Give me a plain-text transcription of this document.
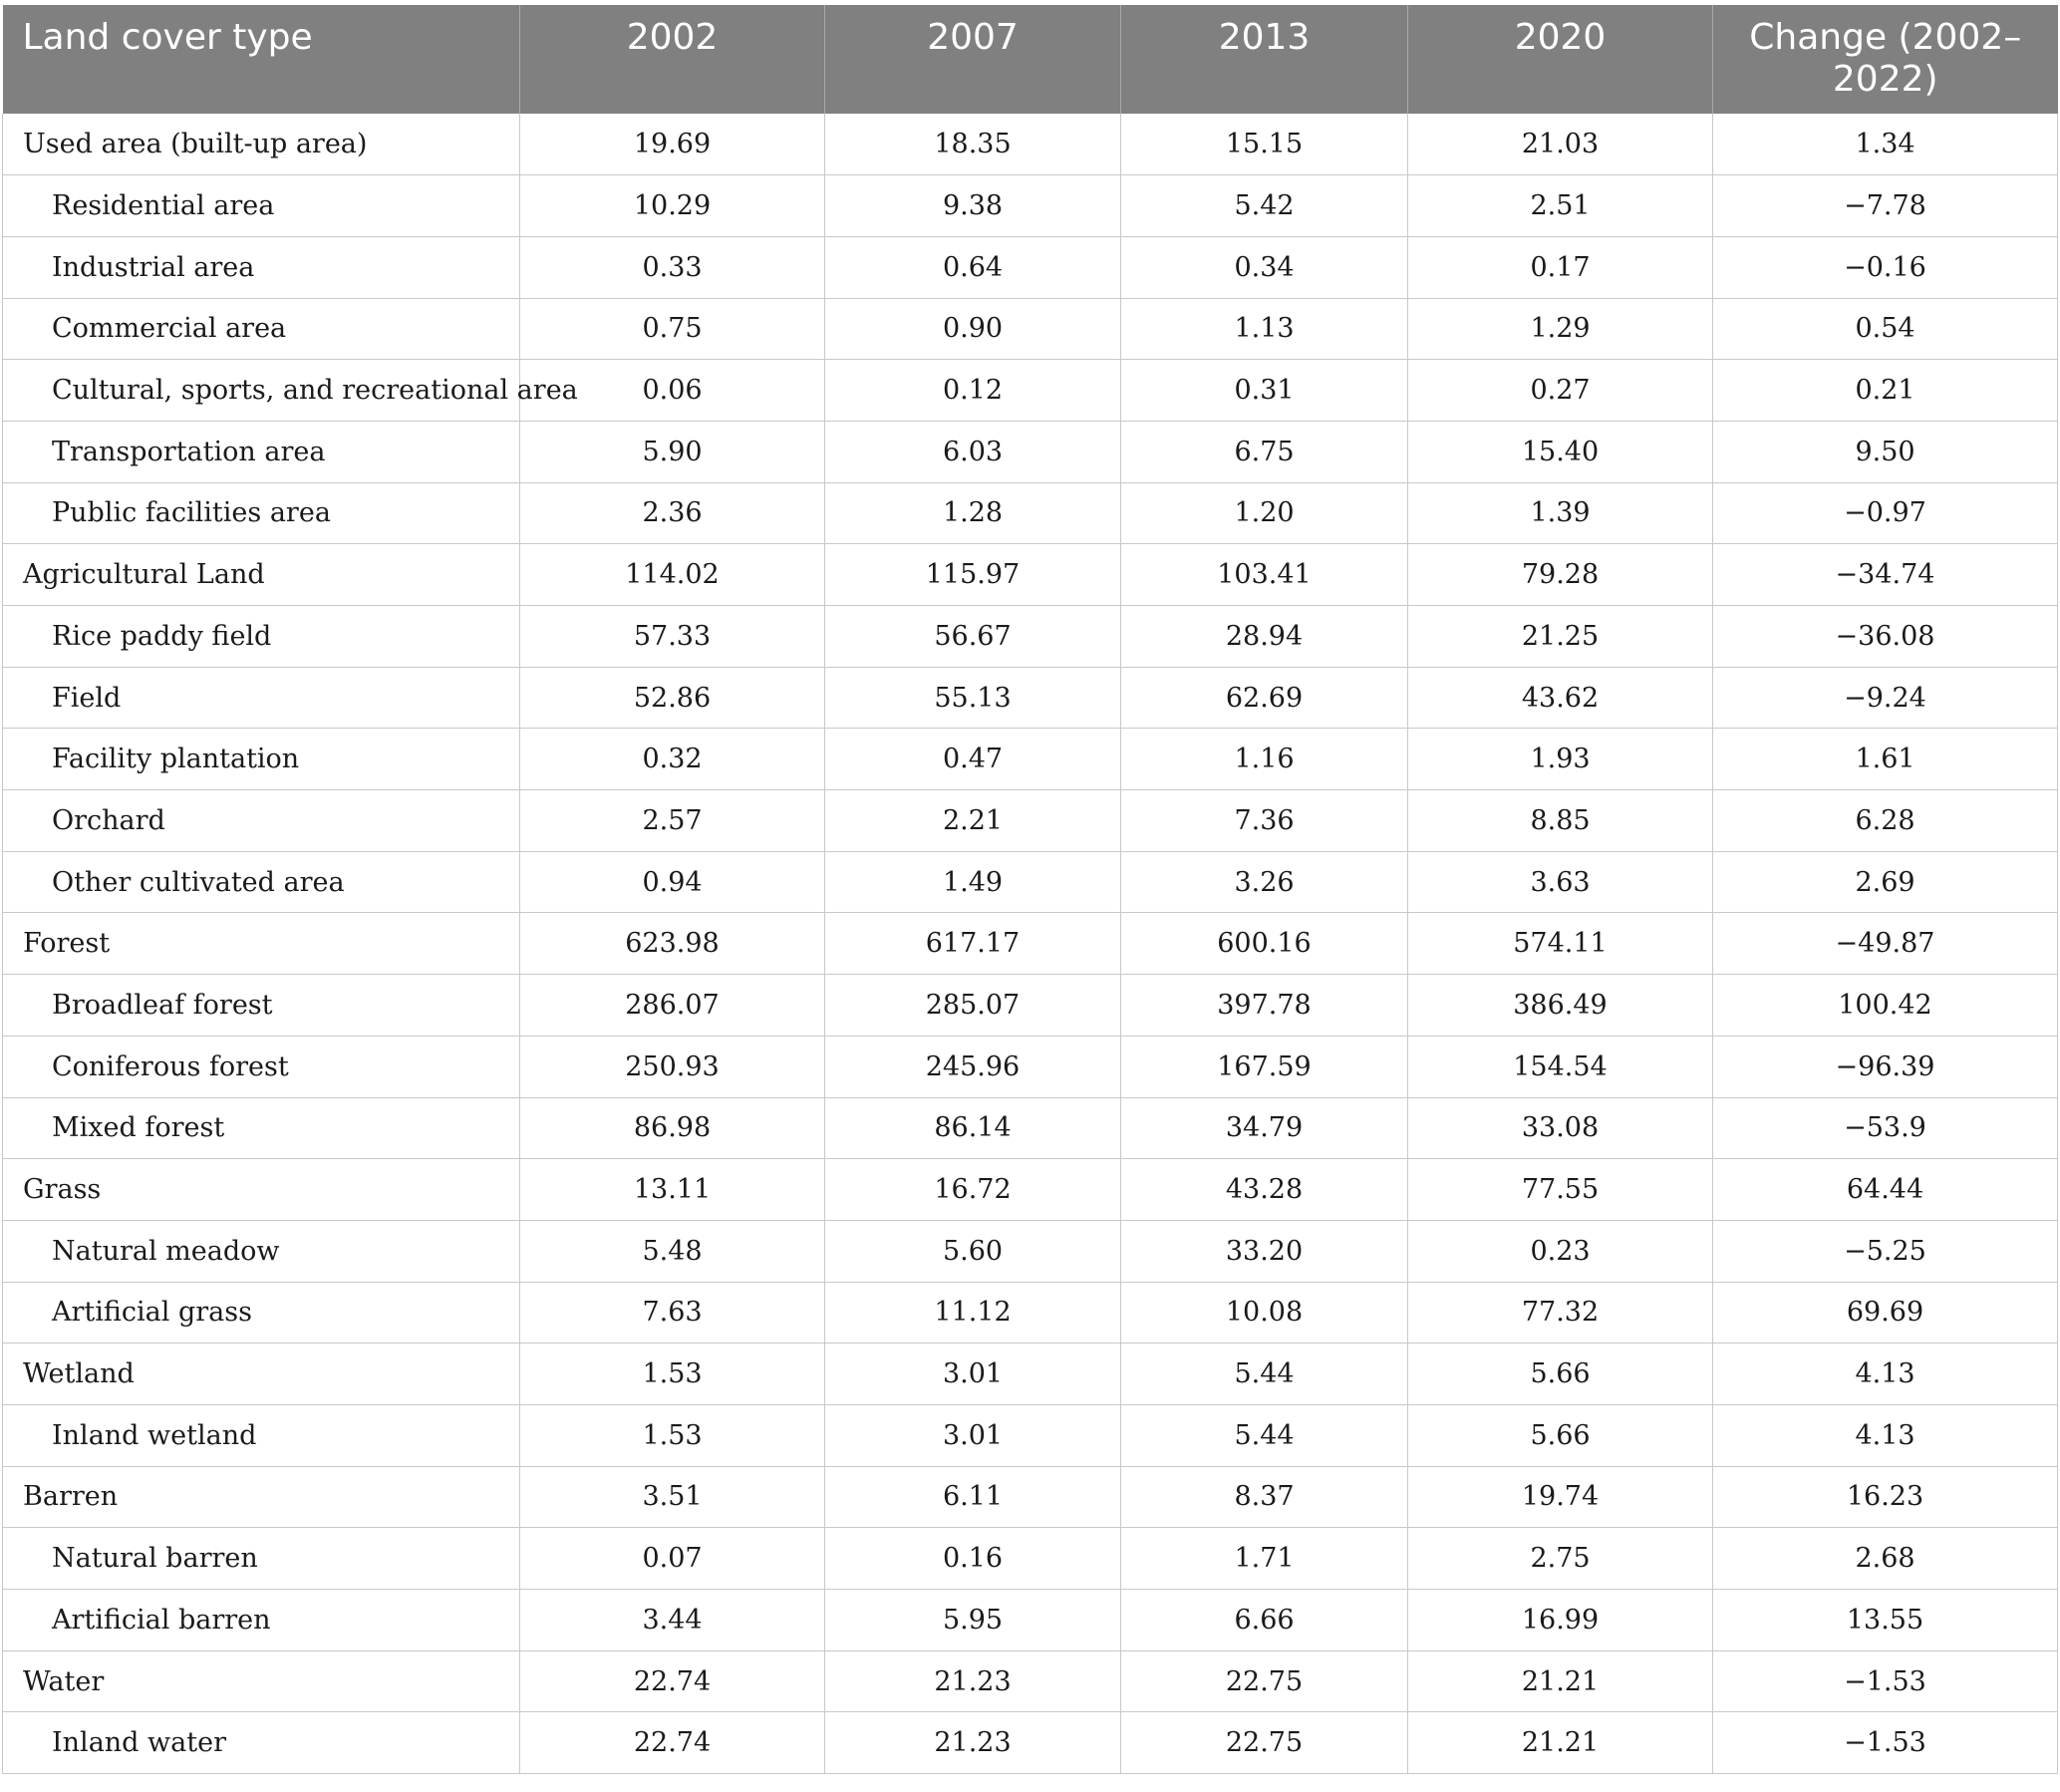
Land cover type	2002	2007	2013	2020	Change (2002–2022)
Used area (built-up area)	19.69	18.35	15.15	21.03	1.34
Residential area	10.29	9.38	5.42	2.51	−7.78
Industrial area	0.33	0.64	0.34	0.17	−0.16
Commercial area	0.75	0.90	1.13	1.29	0.54
Cultural, sports, and recreational area	0.06	0.12	0.31	0.27	0.21
Transportation area	5.90	6.03	6.75	15.40	9.50
Public facilities area	2.36	1.28	1.20	1.39	−0.97
Agricultural Land	114.02	115.97	103.41	79.28	−34.74
Rice paddy field	57.33	56.67	28.94	21.25	−36.08
Field	52.86	55.13	62.69	43.62	−9.24
Facility plantation	0.32	0.47	1.16	1.93	1.61
Orchard	2.57	2.21	7.36	8.85	6.28
Other cultivated area	0.94	1.49	3.26	3.63	2.69
Forest	623.98	617.17	600.16	574.11	−49.87
Broadleaf forest	286.07	285.07	397.78	386.49	100.42
Coniferous forest	250.93	245.96	167.59	154.54	−96.39
Mixed forest	86.98	86.14	34.79	33.08	−53.9
Grass	13.11	16.72	43.28	77.55	64.44
Natural meadow	5.48	5.60	33.20	0.23	−5.25
Artificial grass	7.63	11.12	10.08	77.32	69.69
Wetland	1.53	3.01	5.44	5.66	4.13
Inland wetland	1.53	3.01	5.44	5.66	4.13
Barren	3.51	6.11	8.37	19.74	16.23
Natural barren	0.07	0.16	1.71	2.75	2.68
Artificial barren	3.44	5.95	6.66	16.99	13.55
Water	22.74	21.23	22.75	21.21	−1.53
Inland water	22.74	21.23	22.75	21.21	−1.53
